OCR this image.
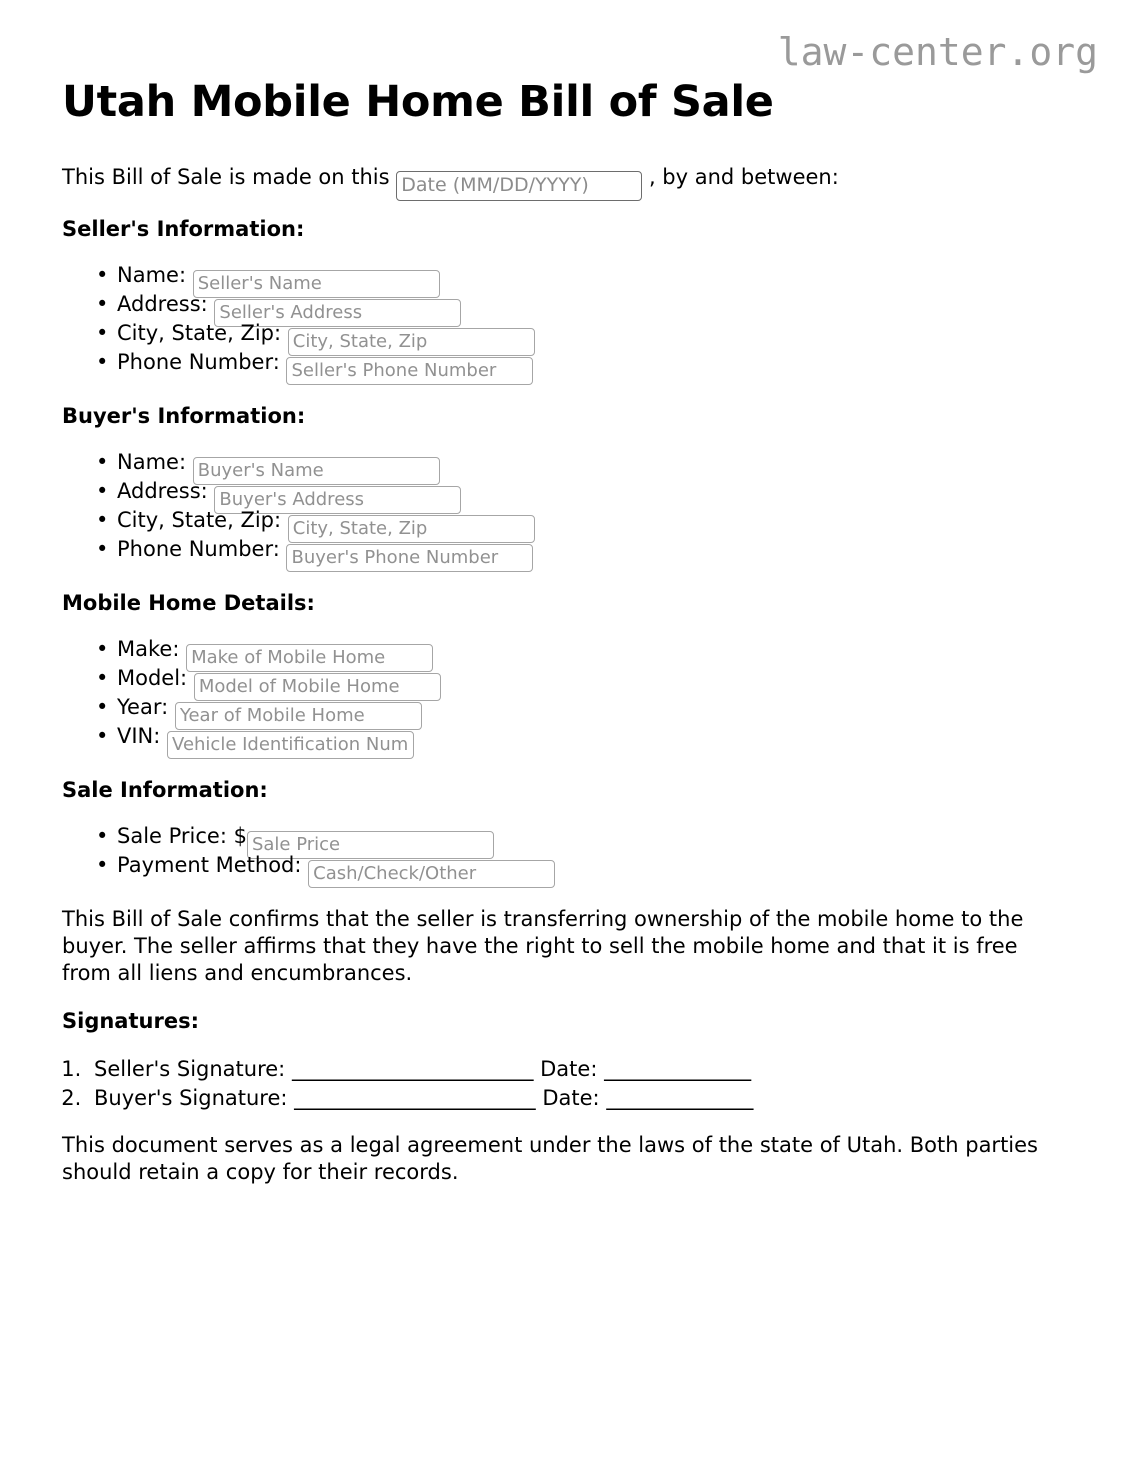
law-center.org
Utah Mobile Home Bill of Sale
This Bill of Sale is made on this Date (MM/DD/YYYY)	, by and between:
Seller's Information:
• Name: Seller's Name
• Address: Seller's Address
• City, State, Zip: City, State, Zip
• Phone Number: Seller's Phone Number
Buyer's Information:
• Name: Buyer's Name
• Address: Buyer's Address
• City, State, Zip: City, State, Zip
• Phone Number: Buyer's Phone Number
Mobile Home Details:
• Make: Make of Mobile Home
• Model: Model of Mobile Home
• Year: Year of Mobile Home
• VIN: Vehicle Identification Number
Sale Information:
• Sale Price: $Sale Price
• Payment Method: Cash/Check/Other

This Bill of Sale confirms that the seller is transferring ownership of the mobile home to the buyer. The seller affirms that they have the right to sell the mobile home and that it is free from all liens and encumbrances.

Signatures:
1. Seller's Signature: _______________________ Date: ______________
2. Buyer's Signature: _______________________ Date: ______________

This document serves as a legal agreement under the laws of the state of Utah. Both parties should retain a copy for their records.
